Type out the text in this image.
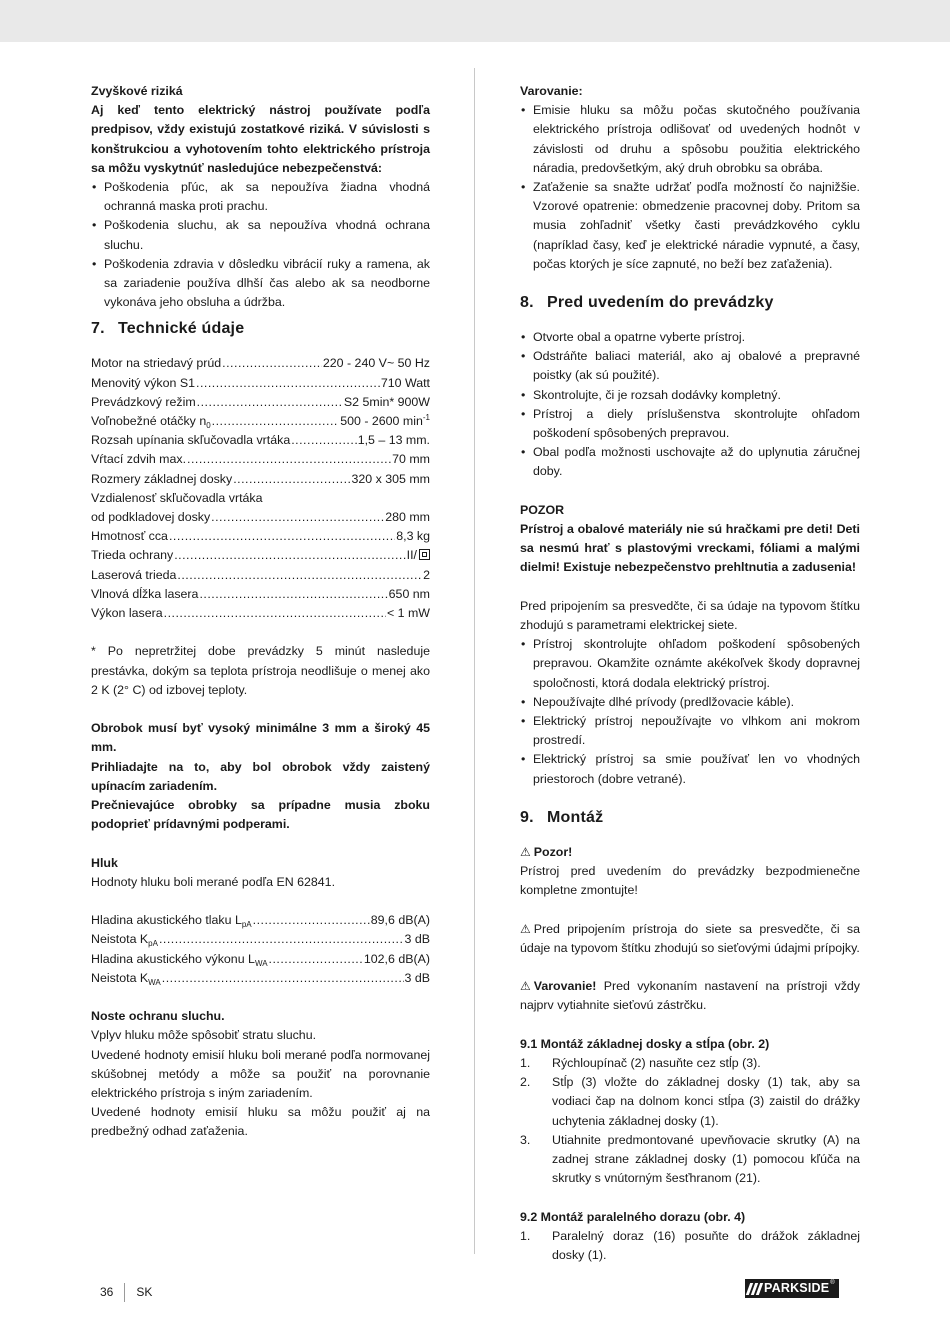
Zvyškové riziká

Aj keď tento elektrický nástroj používate podľa predpisov, vždy existujú zostatkové riziká. V súvislosti s konštrukciou a vyhotovením tohto elektrického prístroja sa môžu vyskytnúť nasledujúce nebezpečenstvá:

• Poškodenia pľúc, ak sa nepoužíva žiadna vhodná ochranná maska proti prachu.
• Poškodenia sluchu, ak sa nepoužíva vhodná ochrana sluchu.
• Poškodenia zdravia v dôsledku vibrácií ruky a ramena, ak sa zariadenie používa dlhší čas alebo ak sa neodborne vykonáva jeho obsluha a údržba.
7. Technické údaje
Motor na striedavý prúd .....	220 - 240 V~ 50 Hz
Menovitý výkon S1 .....	710 Watt
Prevádzkový režim .....	S2 5min* 900W
Voľnobežné otáčky $n_0$ .....	500 - 2600 $\min^{-1}$
Rozsah upínania skľučovadla vrtáka .....	1,5 – 13 mm.
Vŕtací zdvih max. .....	70 mm
Rozmery základnej dosky .....	320 x 305 mm

Vzdialenosť skľučovadla vrtáka

od podkladovej dosky .....	280 mm
Hmotnosť cca .....	8,3 kg
Trieda ochrany .....	II/
Laserová trieda .....	2
Vlnová dĺžka lasera .....	650 nm
Výkon lasera .....	< 1 mW

* Po nepretržitej dobe prevádzky 5 minút nasleduje prestávka, dokým sa teplota prístroja neodlišuje o menej ako 2 K (2° C) od izbovej teploty.

Obrobok musí byť vysoký minimálne 3 mm a široký 45 mm.

Prihliadajte na to, aby bol obrobok vždy zaistený upínacím zariadením.

Prečnievajúce obrobky sa prípadne musia zboku podoprieť prídavnými podperami.

Hluk

Hodnoty hluku boli merané podľa EN 62841.

Hladina akustického tlaku $L_{pA}$ .....	89,6 dB(A)
Neistota $K_{pA}$ .....	3 dB
Hladina akustického výkonu $L_{WA}$ .....	102,6 dB(A)
Neistota $K_{WA}$ .....	3 dB

Noste ochranu sluchu.

Vplyv hluku môže spôsobiť stratu sluchu.

Uvedené hodnoty emisií hluku boli merané podľa normovanej skúšobnej metódy a môže sa použiť na porovnanie elektrického prístroja s iným zariadením.

Uvedené hodnoty emisií hluku sa môžu použiť aj na predbežný odhad zaťaženia.

Varovanie:

• Emisie hluku sa môžu počas skutočného používania elektrického prístroja odlišovať od uvedených hodnôt v závislosti od druhu a spôsobu použitia elektrického náradia, predovšetkým, aký druh obrobku sa obrába.
• Zaťaženie sa snažte udržať podľa možností čo najnižšie. Vzorové opatrenie: obmedzenie pracovnej doby. Pritom sa musia zohľadniť všetky časti prevádzkového cyklu (napríklad časy, keď je elektrické náradie vypnuté, a časy, počas ktorých je síce zapnuté, no beží bez zaťaženia).
8. Pred uvedením do prevádzky
• Otvorte obal a opatrne vyberte prístroj.
• Odstráňte baliaci materiál, ako aj obalové a prepravné poistky (ak sú použité).
• Skontrolujte, či je rozsah dodávky kompletný.
• Prístroj a diely príslušenstva skontrolujte ohľadom poškodení spôsobených prepravou.
• Obal podľa možnosti uschovajte až do uplynutia záručnej doby.

POZOR

Prístroj a obalové materiály nie sú hračkami pre deti! Deti sa nesmú hrať s plastovými vreckami, fóliami a malými dielmi! Existuje nebezpečenstvo prehltnutia a zadusenia!

Pred pripojením sa presvedčte, či sa údaje na typovom štítku zhodujú s parametrami elektrickej siete.

• Prístroj skontrolujte ohľadom poškodení spôsobených prepravou. Okamžite oznámte akékoľvek škody dopravnej spoločnosti, ktorá dodala elektrický prístroj.
• Nepoužívajte dlhé prívody (predlžovacie káble).
• Elektrický prístroj nepoužívajte vo vlhkom ani mokrom prostredí.
• Elektrický prístroj sa smie používať len vo vhodných priestoroch (dobre vetrané).
9. Montáž

⚠ Pozor!

Prístroj pred uvedením do prevádzky bezpodmienečne kompletne zmontujte!

⚠ Pred pripojením prístroja do siete sa presvedčte, či sa údaje na typovom štítku zhodujú so sieťovými údajmi prípojky.

⚠ Varovanie! Pred vykonaním nastavení na prístroji vždy najprv vytiahnite sieťovú zástrčku.

9.1 Montáž základnej dosky a stĺpa (obr. 2)

1. Rýchloupínač (2) nasuňte cez stĺp (3).
2. Stĺp (3) vložte do základnej dosky (1) tak, aby sa vodiaci čap na dolnom konci stĺpa (3) zaistil do drážky uchytenia základnej dosky (1).
3. Utiahnite predmontované upevňovacie skrutky (A) na zadnej strane základnej dosky (1) pomocou kľúča na skrutky s vnútorným šesťhranom (21).

9.2 Montáž paralelného dorazu (obr. 4)

1. Paralelný doraz (16) posuňte do drážok základnej dosky (1).
36	SK	PARKSIDE ®
